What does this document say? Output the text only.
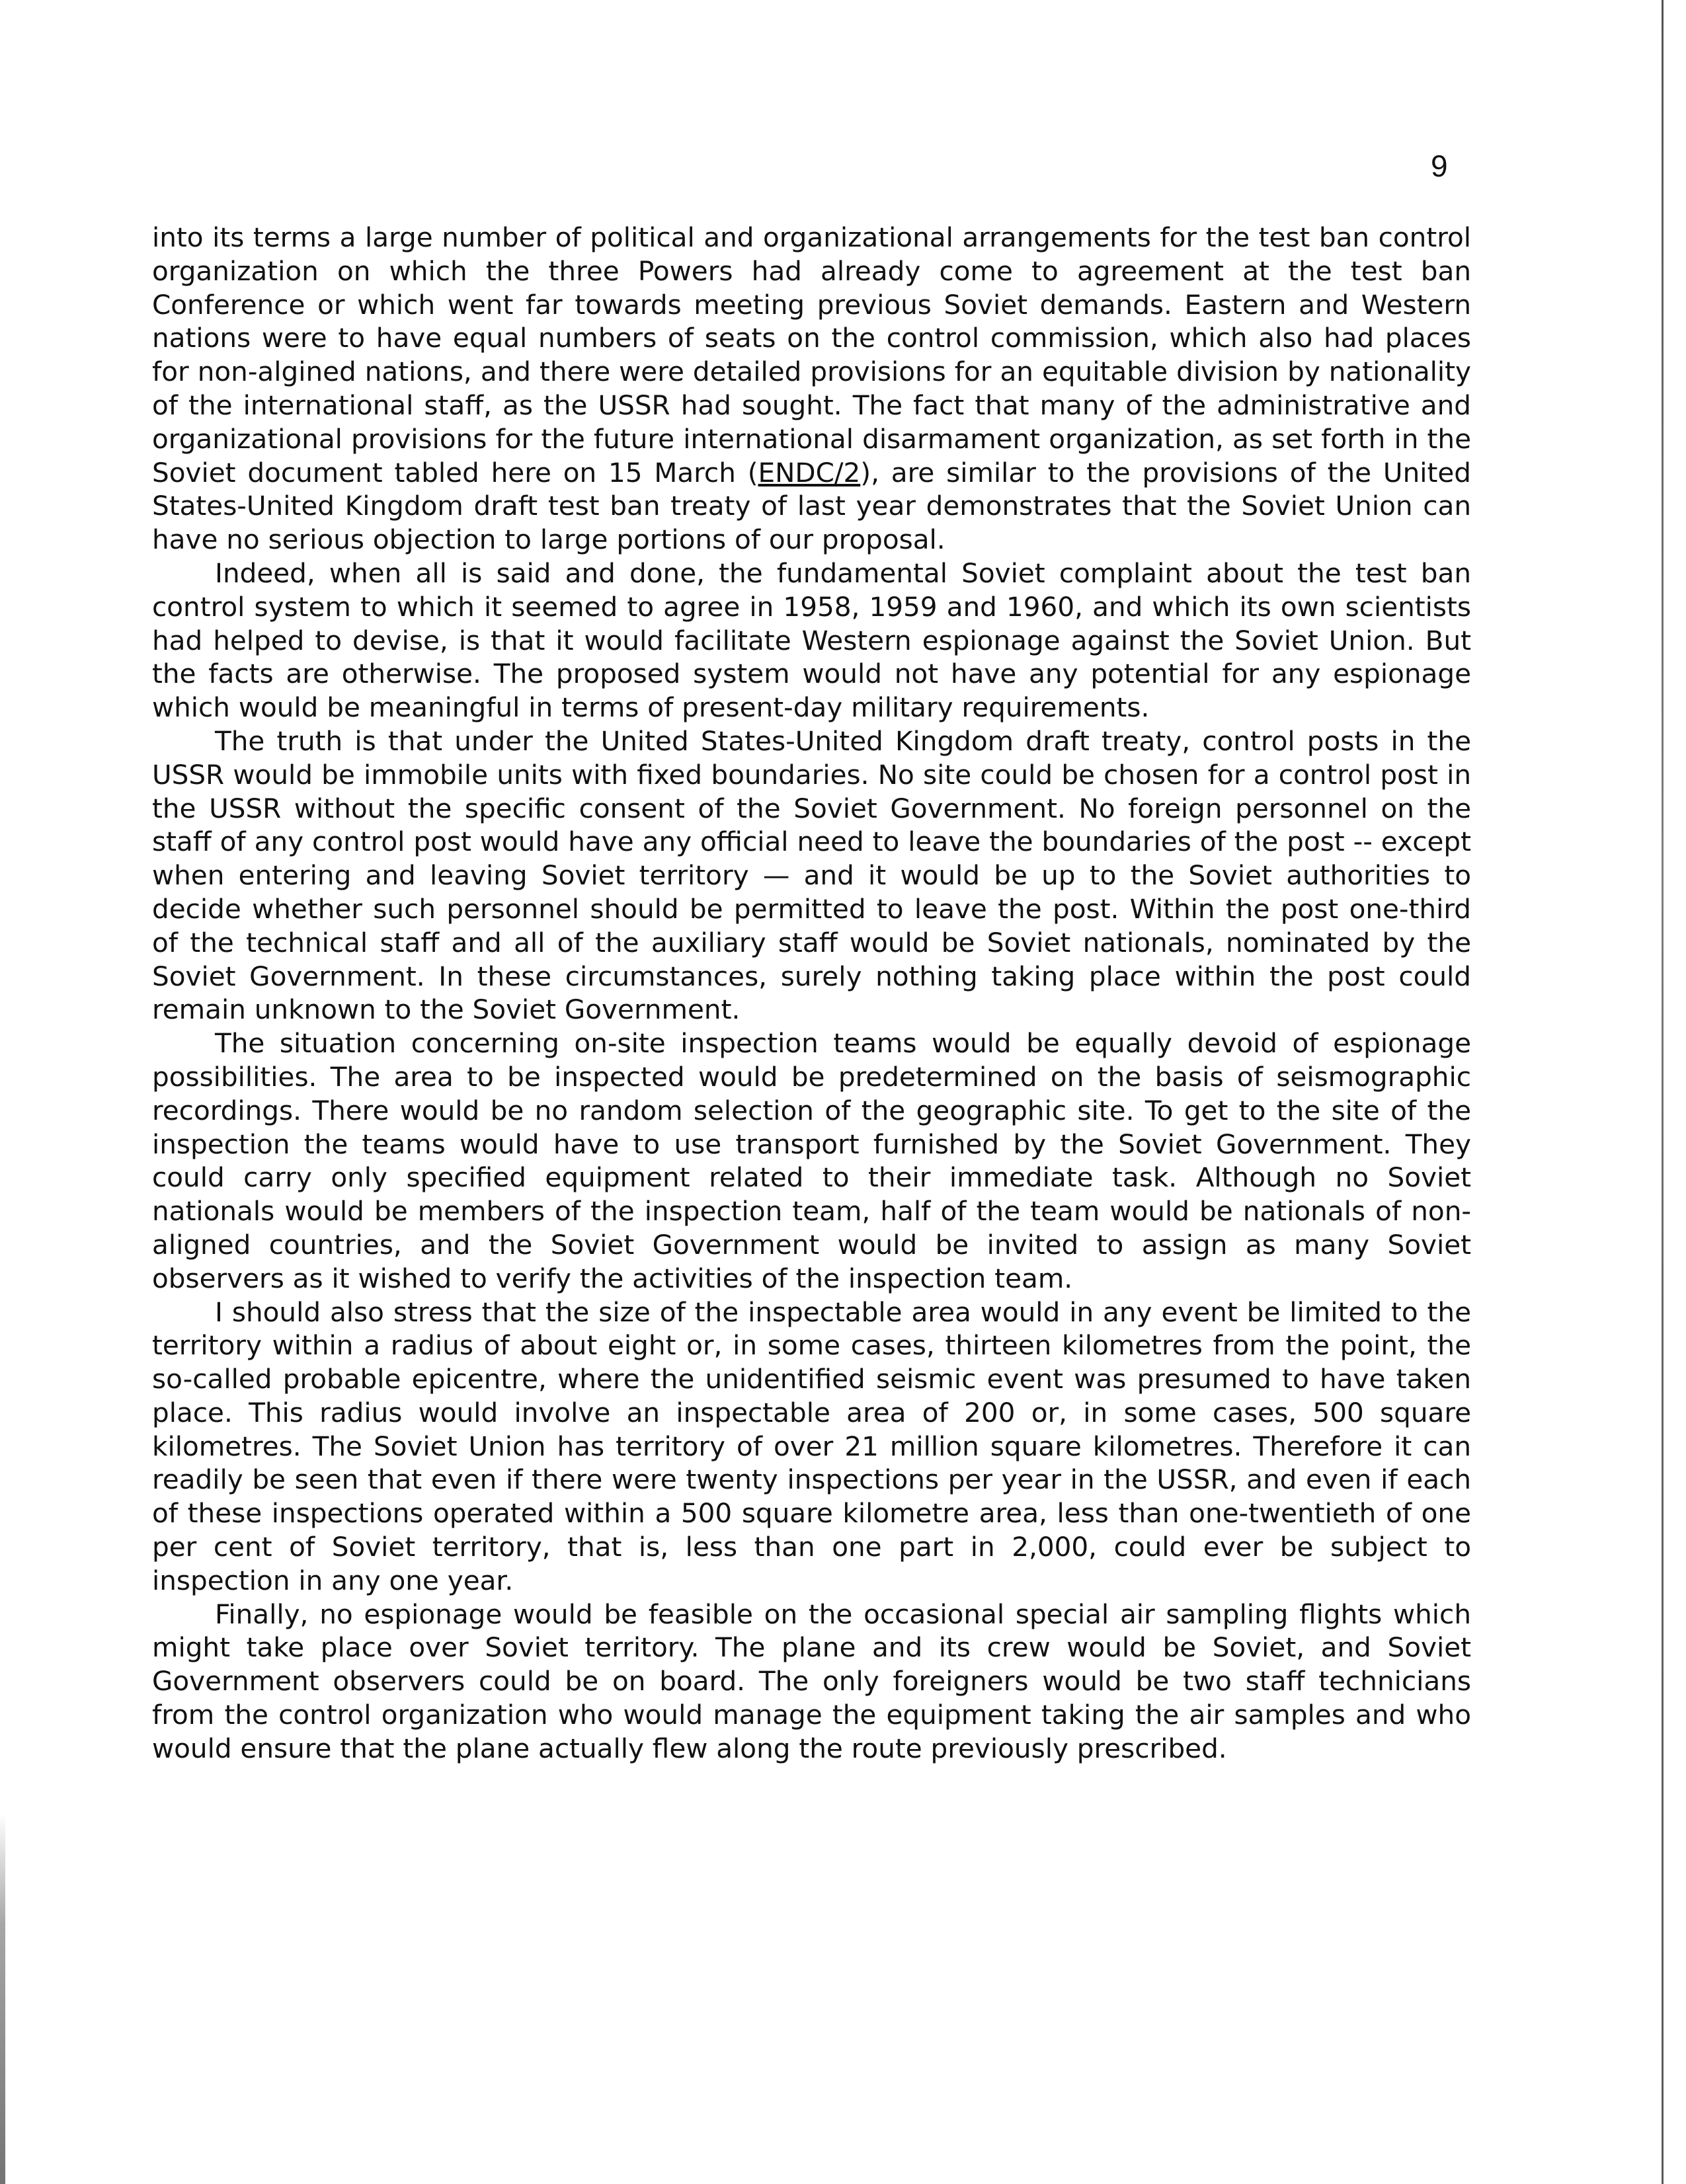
9

into its terms a large number of political and organizational arrangements for the test ban control organization on which the three Powers had already come to agreement at the test ban Conference or which went far towards meeting previous Soviet demands. Eastern and Western nations were to have equal numbers of seats on the control commission, which also had places for non-algined nations, and there were detailed provisions for an equitable division by nationality of the international staff, as the USSR had sought. The fact that many of the administrative and organizational provisions for the future international disarmament organization, as set forth in the Soviet document tabled here on 15 March (ENDC/2), are similar to the provisions of the United States-United Kingdom draft test ban treaty of last year demonstrates that the Soviet Union can have no serious objection to large portions of our proposal.

Indeed, when all is said and done, the fundamental Soviet complaint about the test ban control system to which it seemed to agree in 1958, 1959 and 1960, and which its own scientists had helped to devise, is that it would facilitate Western espionage against the Soviet Union. But the facts are otherwise. The proposed system would not have any potential for any espionage which would be meaningful in terms of present-day military requirements.

The truth is that under the United States-United Kingdom draft treaty, control posts in the USSR would be immobile units with fixed boundaries. No site could be chosen for a control post in the USSR without the specific consent of the Soviet Government. No foreign personnel on the staff of any control post would have any official need to leave the boundaries of the post -- except when entering and leaving Soviet territory — and it would be up to the Soviet authorities to decide whether such personnel should be permitted to leave the post. Within the post one-third of the technical staff and all of the auxiliary staff would be Soviet nationals, nominated by the Soviet Government. In these circumstances, surely nothing taking place within the post could remain unknown to the Soviet Government.

The situation concerning on-site inspection teams would be equally devoid of espionage possibilities. The area to be inspected would be predetermined on the basis of seismographic recordings. There would be no random selection of the geographic site. To get to the site of the inspection the teams would have to use transport furnished by the Soviet Government. They could carry only specified equipment related to their immediate task. Although no Soviet nationals would be members of the inspection team, half of the team would be nationals of non-aligned countries, and the Soviet Government would be invited to assign as many Soviet observers as it wished to verify the activities of the inspection team.

I should also stress that the size of the inspectable area would in any event be limited to the territory within a radius of about eight or, in some cases, thirteen kilometres from the point, the so-called probable epicentre, where the unidentified seismic event was presumed to have taken place. This radius would involve an inspectable area of 200 or, in some cases, 500 square kilometres. The Soviet Union has territory of over 21 million square kilometres. Therefore it can readily be seen that even if there were twenty inspections per year in the USSR, and even if each of these inspections operated within a 500 square kilometre area, less than one-twentieth of one per cent of Soviet territory, that is, less than one part in 2,000, could ever be subject to inspection in any one year.

Finally, no espionage would be feasible on the occasional special air sampling flights which might take place over Soviet territory. The plane and its crew would be Soviet, and Soviet Government observers could be on board. The only foreigners would be two staff technicians from the control organization who would manage the equipment taking the air samples and who would ensure that the plane actually flew along the route previously prescribed.
